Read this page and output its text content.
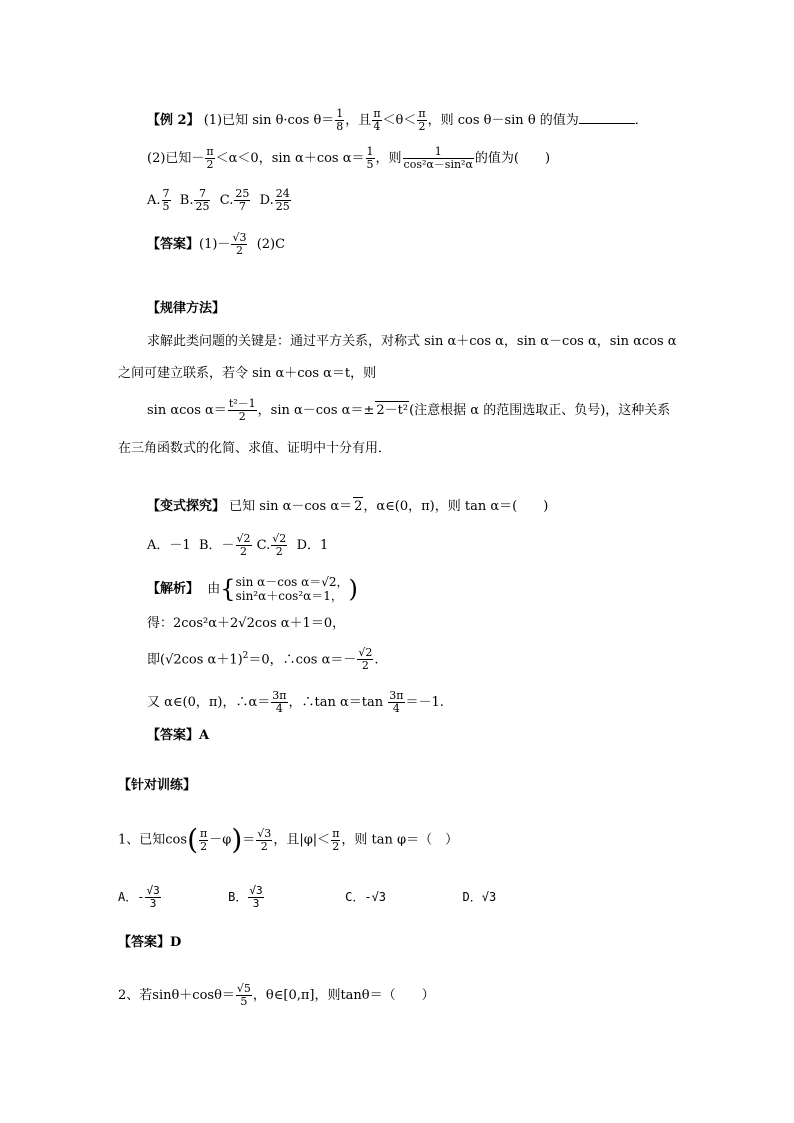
【例 2】 (1)已知 sin θ·cos $\theta= \frac{1}{8}$ ，且 $\frac{\pi}{4} <\theta< \frac{\pi}{2}$ ，则 cos θ－sin θ 的值为	．
(2)已知－ $\frac{\pi}{2} <\alpha<0$，sin α＋cos $\alpha= \frac{1}{5}$ ，则 $\frac{1}{\text{cos²α－sin²α}}$ 的值为(　　)
A. $\frac{7}{5} B$. $\frac{7}{25} C$. $\frac{25}{7} D$. $\frac{24}{25}$
【答案】$(1)- \frac{√3}{2} (2)C$
【规律方法】
求解此类问题的关键是：通过平方关系，对称式 sin α＋cos α，sin α－cos α，sin αcos α
之间可建立联系，若令 sin α＋cos α＝t，则
sin αcos $\alpha= \frac{\text{t²－1}}{2}$ ，sin α－cos α＝± 2－t²(注意根据 α 的范围选取正、负号)，这种关系
在三角函数式的化简、求值、证明中十分有用．
【变式探究】 已知 sin α－cos α＝ 2，α∈(0，π)，则 tan α＝(　　)
A．－1 B．－ $\frac{√2}{2} C$. $\frac{√2}{2}$ D．1
【解析】 由{ sin α－cos α＝√2，
sin²α＋cos²α＝1， )
得：2cos²α＋2√2cos α＋1＝0，
即(√2cos α＋1)$^2$＝0，∴cos $\alpha=- \frac{√2}{2}$ .
又 α∈(0，π)，∴α＝ $\frac{3\pi}{4}$ ，∴tan $\alpha=\tan \frac{3\pi}{4} =-1$.
【答案】A
【针对训练】
1、已知$\cos( \frac{\pi}{2} -\varphi)= \frac{√3}{2}$ ，且$|\varphi|< \frac{\pi}{2}$ ，则 tan φ＝（　）
A．- $\frac{√3}{3}$	B． $\frac{√3}{3}$	C．-√3	D．√3
【答案】D
2、若$\sin\theta+\cos\theta= \frac{√5}{5}$ ，θ∈[0,π]，则tanθ＝（　　）
